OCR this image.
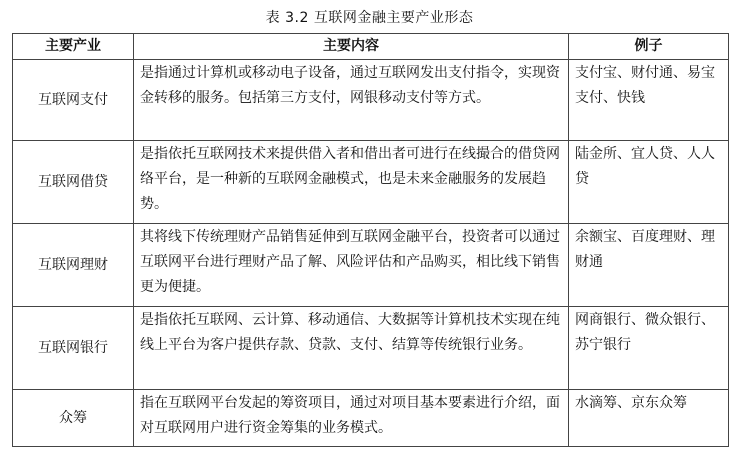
表 3.2 互联网金融主要产业形态
主要产业	主要内容	例子
互联网支付	是指通过计算机或移动电子设备，通过互联网发出支付指令，实现资金转移的服务。包括第三方支付，网银移动支付等方式。	支付宝、财付通、易宝支付、快钱
互联网借贷	是指依托互联网技术来提供借入者和借出者可进行在线撮合的借贷网络平台，是一种新的互联网金融模式，也是未来金融服务的发展趋势。	陆金所、宜人贷、人人贷
互联网理财	其将线下传统理财产品销售延伸到互联网金融平台，投资者可以通过互联网平台进行理财产品了解、风险评估和产品购买，相比线下销售更为便捷。	余额宝、百度理财、理财通
互联网银行	是指依托互联网、云计算、移动通信、大数据等计算机技术实现在纯线上平台为客户提供存款、贷款、支付、结算等传统银行业务。	网商银行、微众银行、苏宁银行
众筹	指在互联网平台发起的筹资项目，通过对项目基本要素进行介绍，面对互联网用户进行资金筹集的业务模式。	水滴筹、京东众筹
